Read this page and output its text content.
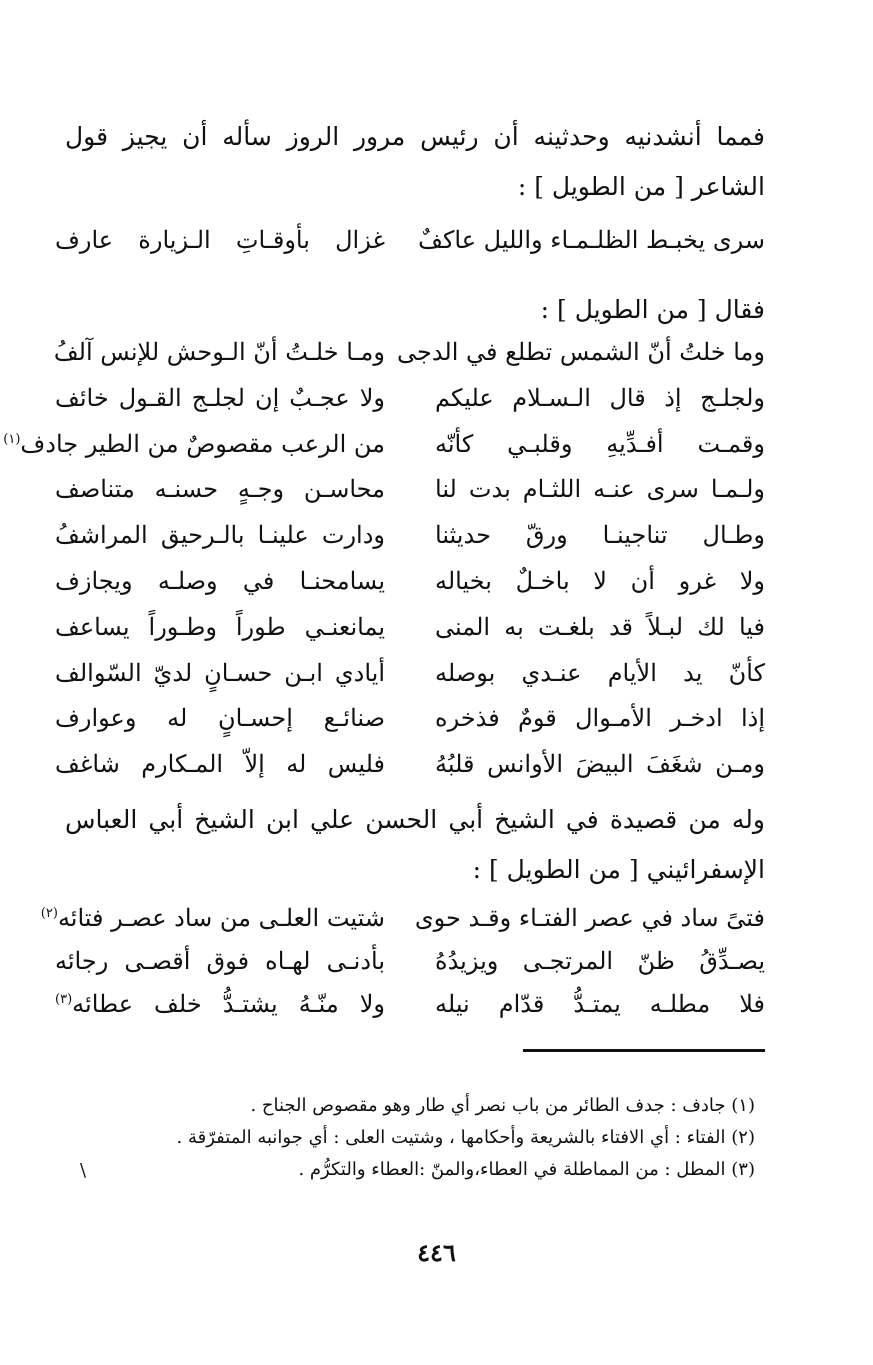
فمما أنشدنيه وحدثينه أن رئيس مرور الروز سأله أن يجيز قول الشاعر [ من الطويل ] :
سرى يخبـط الظلـمـاء والليل عاكفٌ
غزال بأوقـاتِ الـزيارة عارف
فقال [ من الطويل ] :
وما خلتُ أنّ الشمس تطلع في الدجى
ومـا خلـتُ أنّ الـوحش للإنس آلفُ
ولجلـج إذ قال الـسـلام عليكم
ولا عجـبٌ إن لجلـج القـول خائف
وقمـت أفـدِّيهِ وقلبـي كأنّه
من الرعب مقصوصٌ من الطير جادف$^{(١)}$
ولـمـا سرى عنـه اللثـام بدت لنا
محاسـن وجـهٍ حسنـه متناصف
وطـال تناجينـا ورقّ حديثنا
ودارت علينـا بالـرحيق المراشفُ
ولا غرو أن لا باخـلٌ بخياله
يسامحنـا في وصلـه ويجازف
فيا لك لبـلاً قد بلغـت به المنى
يمانعنـي طوراً وطـوراً يساعف
كأنّ يد الأيام عنـدي بوصله
أيادي ابـن حسـانٍ لديّ السّوالف
إذا ادخـر الأمـوال قومٌ فذخره
صنائـع إحسـانٍ له وعوارف
ومـن شغَفَ البيضَ الأوانس قلبُهُ
فليس له إلاّ المـكارم شاغف
وله من قصيدة في الشيخ أبي الحسن علي ابن الشيخ أبي العباس الإسفرائيني [ من الطويل ] :
فتىً ساد في عصر الفتـاء وقـد حوى
شتيت العلـى من ساد عصـر فتائه$^{(٢)}$
يصـدِّقُ ظنّ المرتجـى ويزيدُهُ
بأدنـى لهـاه فوق أقصـى رجائه
فلا مطلـه يمتـدُّ قدّام نيله
ولا منّـهُ يشتـدُّ خلف عطائه$^{(٣)}$
(١) جادف : جدف الطائر من باب نصر أي طار وهو مقصوص الجناح .
(٢) الفتاء : أي الافتاء بالشريعة وأحكامها ، وشتيت العلى : أي جوانبه المتفرّقة .
(٣) المطل : من المماطلة في العطاء،والمنّ :العطاء والتكرُّم .
\
٤٤٦
